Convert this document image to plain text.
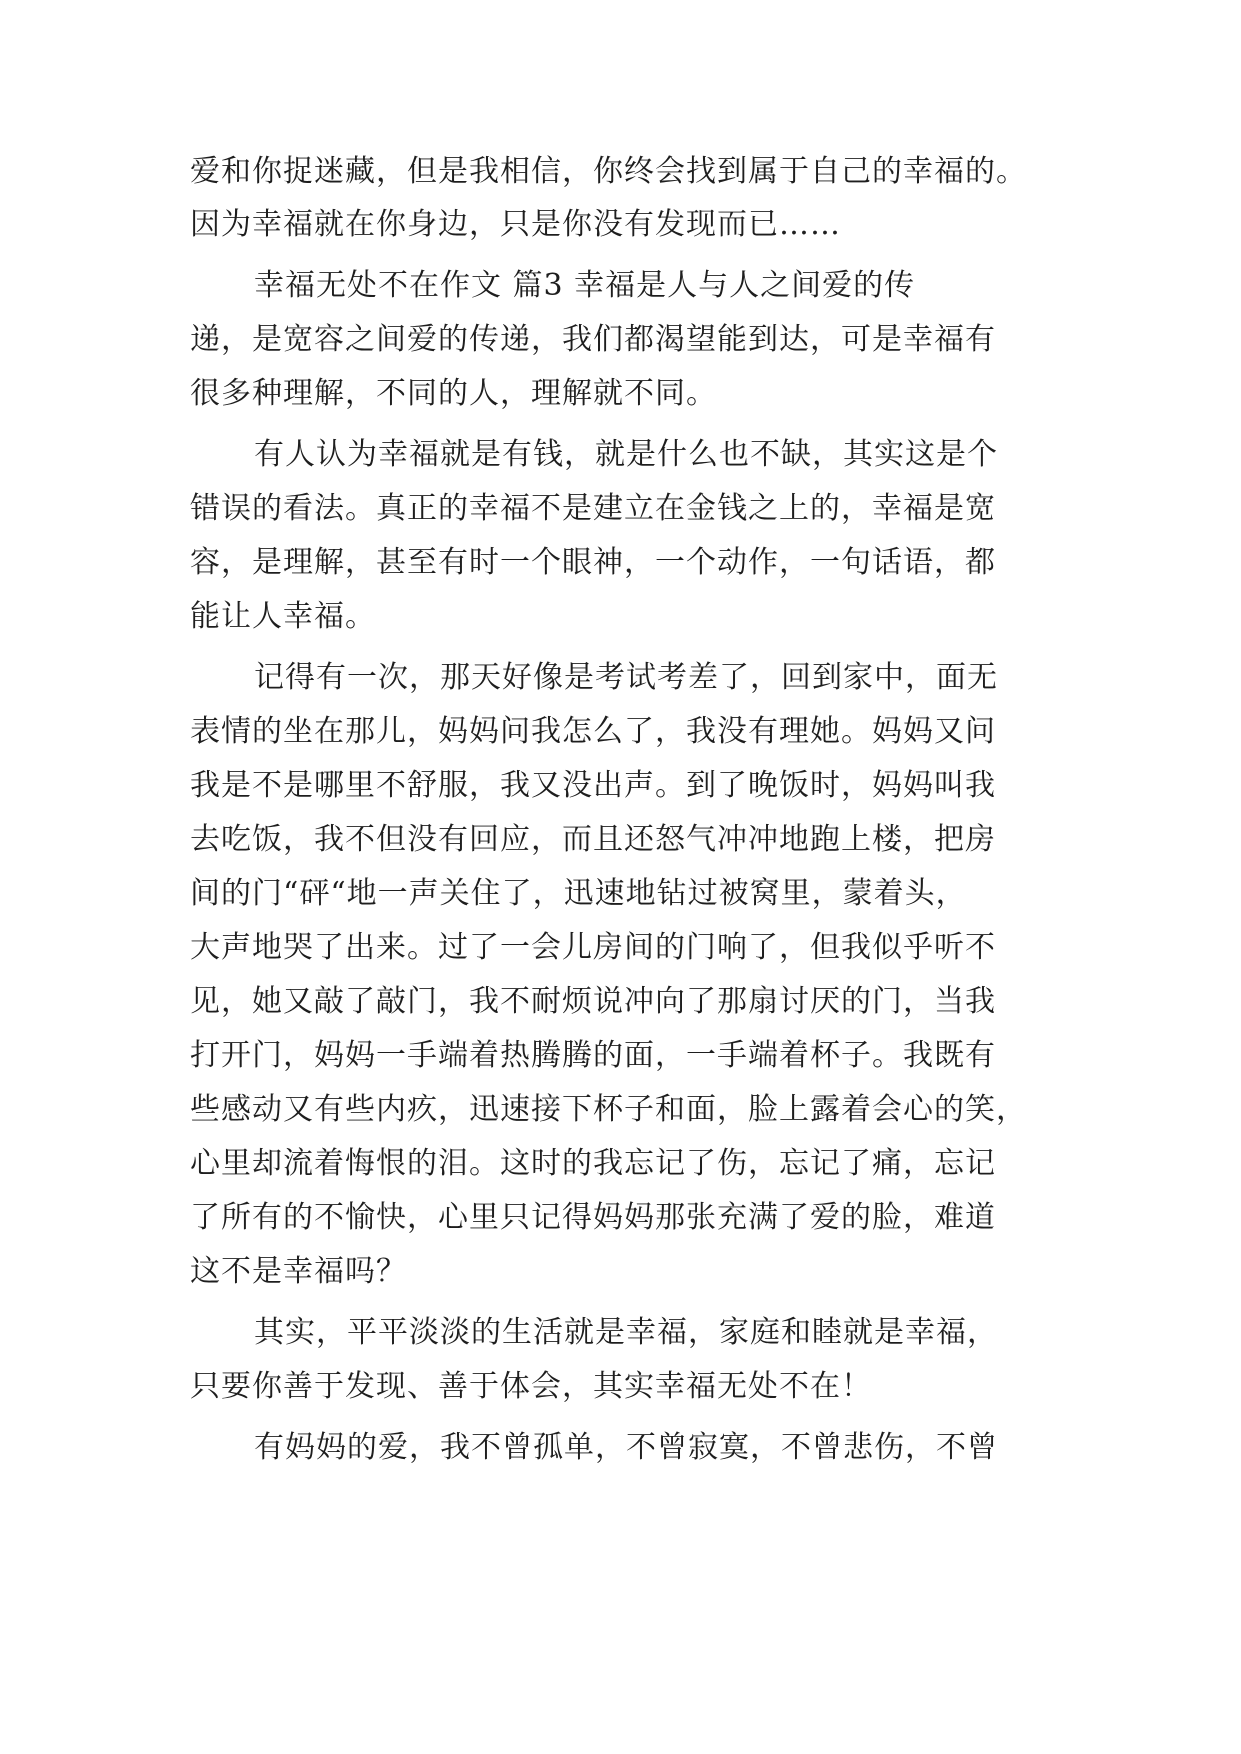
爱和你捉迷藏，但是我相信，你终会找到属于自己的幸福的。
因为幸福就在你身边，只是你没有发现而已……
幸福无处不在作文 篇3 幸福是人与人之间爱的传
递，是宽容之间爱的传递，我们都渴望能到达，可是幸福有
很多种理解，不同的人，理解就不同。
有人认为幸福就是有钱，就是什么也不缺，其实这是个
错误的看法。真正的幸福不是建立在金钱之上的，幸福是宽
容，是理解，甚至有时一个眼神，一个动作，一句话语，都
能让人幸福。
记得有一次，那天好像是考试考差了，回到家中，面无
表情的坐在那儿，妈妈问我怎么了，我没有理她。妈妈又问
我是不是哪里不舒服，我又没出声。到了晚饭时，妈妈叫我
去吃饭，我不但没有回应，而且还怒气冲冲地跑上楼，把房
间的门“砰“地一声关住了，迅速地钻过被窝里，蒙着头，
大声地哭了出来。过了一会儿房间的门响了，但我似乎听不
见，她又敲了敲门，我不耐烦说冲向了那扇讨厌的门，当我
打开门，妈妈一手端着热腾腾的面，一手端着杯子。我既有
些感动又有些内疚，迅速接下杯子和面，脸上露着会心的笑，
心里却流着悔恨的泪。这时的我忘记了伤，忘记了痛，忘记
了所有的不愉快，心里只记得妈妈那张充满了爱的脸，难道
这不是幸福吗？
其实，平平淡淡的生活就是幸福，家庭和睦就是幸福，
只要你善于发现、善于体会，其实幸福无处不在！
有妈妈的爱，我不曾孤单，不曾寂寞，不曾悲伤，不曾
